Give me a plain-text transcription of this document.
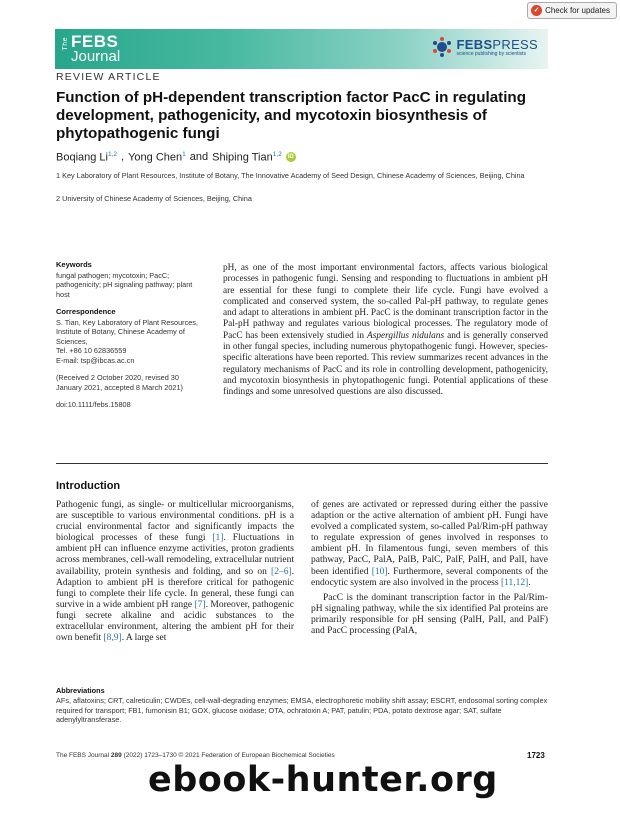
✓ Check for updates
The FEBS
Journal
FEBSPRESS
science publishing by scientists
REVIEW ARTICLE
Function of pH-dependent transcription factor PacC in regulating development, pathogenicity, and mycotoxin biosynthesis of phytopathogenic fungi
Boqiang Li$^{1,2}$ , Yong Chen$^1$ and Shiping Tian$^{1,2}$	iD
1 Key Laboratory of Plant Resources, Institute of Botany, The Innovative Academy of Seed Design, Chinese Academy of Sciences, Beijing, China
2 University of Chinese Academy of Sciences, Beijing, China
Keywords
fungal pathogen; mycotoxin; PacC; pathogenicity; pH signaling pathway; plant host
Correspondence
S. Tian, Key Laboratory of Plant Resources, Institute of Botany, Chinese Academy of Sciences,
Tel. +86 10 62836559
E-mail: tsp@ibcas.ac.cn
(Received 2 October 2020, revised 30 January 2021, accepted 8 March 2021)
doi:10.1111/febs.15808

pH, as one of the most important environmental factors, affects various biological processes in pathogenic fungi. Sensing and responding to fluctuations in ambient pH are essential for these fungi to complete their life cycle. Fungi have evolved a complicated and conserved system, the so-called Pal-pH pathway, to regulate genes and adapt to alterations in ambient pH. PacC is the dominant transcription factor in the Pal-pH pathway and regulates various biological processes. The regulatory mode of PacC has been extensively studied in Aspergillus nidulans and is generally conserved in other fungal species, including numerous phytopathogenic fungi. However, species-specific alterations have been reported. This review summarizes recent advances in the regulatory mechanisms of PacC and its role in controlling development, pathogenicity, and mycotoxin biosynthesis in phytopathogenic fungi. Potential applications of these findings and some unresolved questions are also discussed.

Introduction

Pathogenic fungi, as single- or multicellular microorganisms, are susceptible to various environmental conditions. pH is a crucial environmental factor and significantly impacts the biological processes of these fungi [1]. Fluctuations in ambient pH can influence enzyme activities, proton gradients across membranes, cell-wall remodeling, extracellular nutrient availability, protein synthesis and folding, and so on [2–6]. Adaption to ambient pH is therefore critical for pathogenic fungi to complete their life cycle. In general, these fungi can survive in a wide ambient pH range [7]. Moreover, pathogenic fungi secrete alkaline and acidic substances to the extracellular environment, altering the ambient pH for their own benefit [8,9]. A large set

of genes are activated or repressed during either the passive adaption or the active alternation of ambient pH. Fungi have evolved a complicated system, so-called Pal/Rim-pH pathway to regulate expression of genes involved in responses to ambient pH. In filamentous fungi, seven members of this pathway, PacC, PalA, PalB, PalC, PalF, PalH, and PalI, have been identified [10]. Furthermore, several components of the endocytic system are also involved in the process [11,12].

PacC is the dominant transcription factor in the Pal/Rim-pH signaling pathway, while the six identified Pal proteins are primarily responsible for pH sensing (PalH, PalI, and PalF) and PacC processing (PalA,

Abbreviations
AFs, aflatoxins; CRT, calreticulin; CWDEs, cell-wall-degrading enzymes; EMSA, electrophoretic mobility shift assay; ESCRT, endosomal sorting complex required for transport; FB1, fumonisin B1; GOX, glucose oxidase; OTA, ochratoxin A; PAT, patulin; PDA, potato dextrose agar; SAT, sulfate adenylyltransferase.
The FEBS Journal 289 (2022) 1723–1730 © 2021 Federation of European Biochemical Societies	1723
ebook-hunter.org
